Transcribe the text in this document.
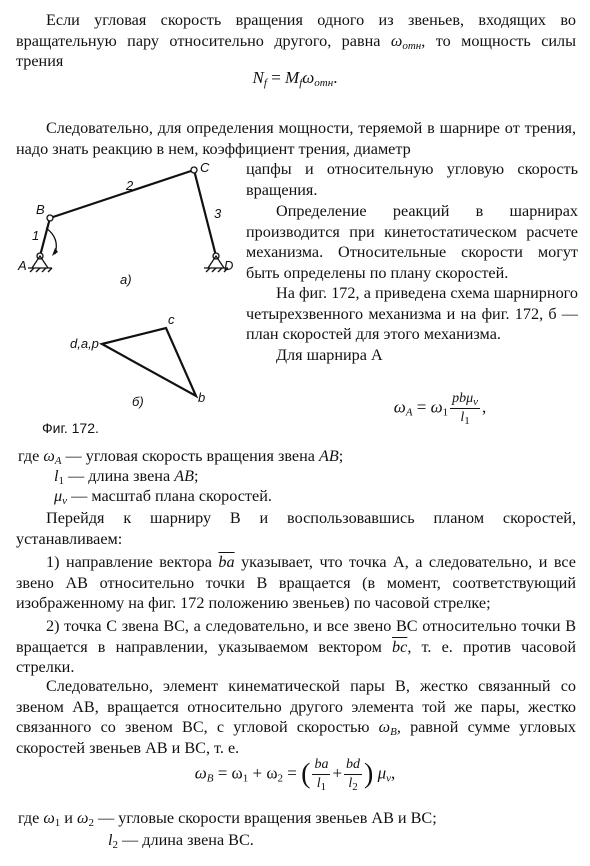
Если угловая скорость вращения одного из звеньев, входящих во вращательную пару относительно другого, равна $\omega_{отн}$, то мощность силы трения

$N_f = M_f\omega_{отн}$.

Следовательно, для определения мощности, теряемой в шарнире от трения, надо знать реакцию в нем, коэффициент трения, диаметр

цапфы и относительную угловую скорость вращения.

Определение реакций в шарнирах производится при кинетостатическом расчете механизма. Относительные скорости могут быть определены по плану скоростей.

На фиг. 172, а приведена схема шарнирного четырехзвенного механизма и на фиг. 172, б — план скоростей для этого механизма.

Для шарнира A

A
B
C
D
1
2
3
а)
d,a,p
c
b
б)
Фиг. 172.
$\omega_A = \omega_1 \frac{pb\mu_v}{l_1}$ ,

где $\omega_A$ — угловая скорость вращения звена AB;

$l_1$ — длина звена AB;

$\mu_v$ — масштаб плана скоростей.

Перейдя к шарниру B и воспользовавшись планом скоростей, устанавливаем:

1) направление вектора $\overline{ba}$ указывает, что точка A, а следовательно, и все звено AB относительно точки B вращается (в момент, соответствующий изображенному на фиг. 172 положению звеньев) по часовой стрелке;

2) точка C звена BC, а следовательно, и все звено BC относительно точки B вращается в направлении, указываемом вектором $\overline{bc}$, т. е. против часовой стрелки.

Следовательно, элемент кинематической пары B, жестко связанный со звеном AB, вращается относительно другого элемента той же пары, жестко связанного со звеном BC, с угловой скоростью $\omega_B$, равной сумме угловых скоростей звеньев AB и BC, т. е.

$\omega_B = \omega_1 + \omega_2$ = ( $\frac{ba}{l_1} + \frac{bd}{l_2}$ ) $\mu_v$,

где $\omega_1$ и $\omega_2$ — угловые скорости вращения звеньев AB и BC;

$l_2$ — длина звена BC.
